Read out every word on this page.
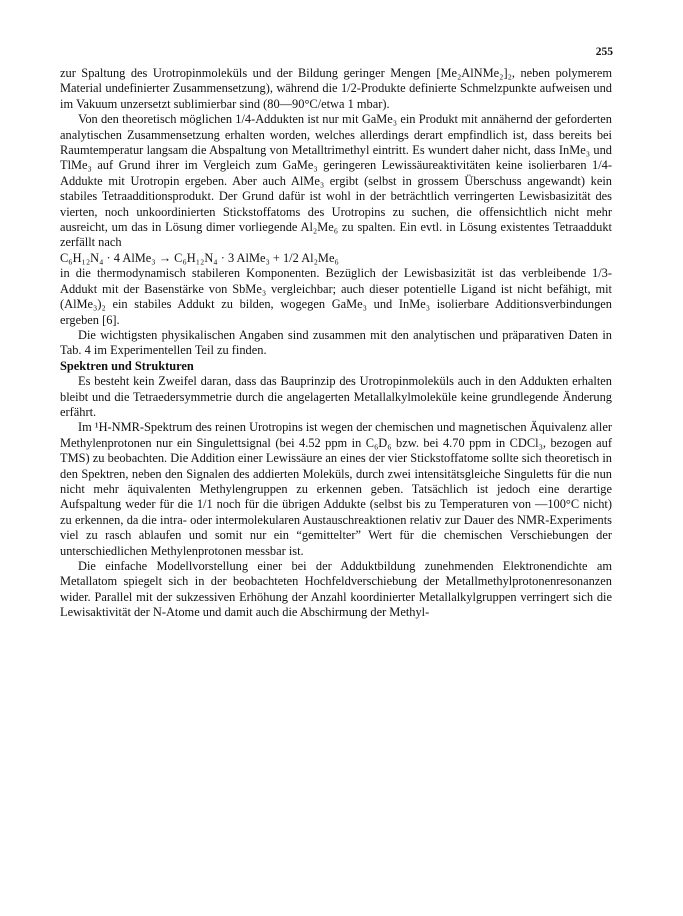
255

zur Spaltung des Urotropinmoleküls und der Bildung geringer Mengen [Me₂AlNMe₂]₂, neben polymerem Material undefinierter Zusammensetzung), während die 1/2-Produkte definierte Schmelzpunkte aufweisen und im Vakuum unzersetzt sublimierbar sind (80—90°C/etwa 1 mbar).

Von den theoretisch möglichen 1/4-Addukten ist nur mit GaMe₃ ein Produkt mit annähernd der geforderten analytischen Zusammensetzung erhalten worden, welches allerdings derart empfindlich ist, dass bereits bei Raumtemperatur langsam die Abspaltung von Metalltrimethyl eintritt. Es wundert daher nicht, dass InMe₃ und TlMe₃ auf Grund ihrer im Vergleich zum GaMe₃ geringeren Lewissäureaktivitäten keine isolierbaren 1/4-Addukte mit Urotropin ergeben. Aber auch AlMe₃ ergibt (selbst in grossem Überschuss angewandt) kein stabiles Tetraadditionsprodukt. Der Grund dafür ist wohl in der beträchtlich verringerten Lewisbasizität des vierten, noch unkoordinierten Stickstoffatoms des Urotropins zu suchen, die offensichtlich nicht mehr ausreicht, um das in Lösung dimer vorliegende Al₂Me₆ zu spalten. Ein evtl. in Lösung existentes Tetraaddukt zerfällt nach

C₆H₁₂N₄ · 4 AlMe₃ → C₆H₁₂N₄ · 3 AlMe₃ + 1/2 Al₂Me₆

in die thermodynamisch stabileren Komponenten. Bezüglich der Lewisbasizität ist das verbleibende 1/3-Addukt mit der Basenstärke von SbMe₃ vergleichbar; auch dieser potentielle Ligand ist nicht befähigt, mit (AlMe₃)₂ ein stabiles Addukt zu bilden, wogegen GaMe₃ und InMe₃ isolierbare Additionsverbindungen ergeben [6].

Die wichtigsten physikalischen Angaben sind zusammen mit den analytischen und präparativen Daten in Tab. 4 im Experimentellen Teil zu finden.

Spektren und Strukturen

Es besteht kein Zweifel daran, dass das Bauprinzip des Urotropinmoleküls auch in den Addukten erhalten bleibt und die Tetraedersymmetrie durch die angelagerten Metallalkylmoleküle keine grundlegende Änderung erfährt.

Im ¹H-NMR-Spektrum des reinen Urotropins ist wegen der chemischen und magnetischen Äquivalenz aller Methylenprotonen nur ein Singulettsignal (bei 4.52 ppm in C₆D₆ bzw. bei 4.70 ppm in CDCl₃, bezogen auf TMS) zu beobachten. Die Addition einer Lewissäure an eines der vier Stickstoffatome sollte sich theoretisch in den Spektren, neben den Signalen des addierten Moleküls, durch zwei intensitätsgleiche Singuletts für die nun nicht mehr äquivalenten Methylengruppen zu erkennen geben. Tatsächlich ist jedoch eine derartige Aufspaltung weder für die 1/1 noch für die übrigen Addukte (selbst bis zu Temperaturen von —100°C nicht) zu erkennen, da die intra- oder intermolekularen Austauschreaktionen relativ zur Dauer des NMR-Experiments viel zu rasch ablaufen und somit nur ein “gemittelter” Wert für die chemischen Verschiebungen der unterschiedlichen Methylenprotonen messbar ist.

Die einfache Modellvorstellung einer bei der Adduktbildung zunehmenden Elektronendichte am Metallatom spiegelt sich in der beobachteten Hochfeldverschiebung der Metallmethylprotonenresonanzen wider. Parallel mit der sukzessiven Erhöhung der Anzahl koordinierter Metallalkylgruppen verringert sich die Lewisaktivität der N-Atome und damit auch die Abschirmung der Methyl-
